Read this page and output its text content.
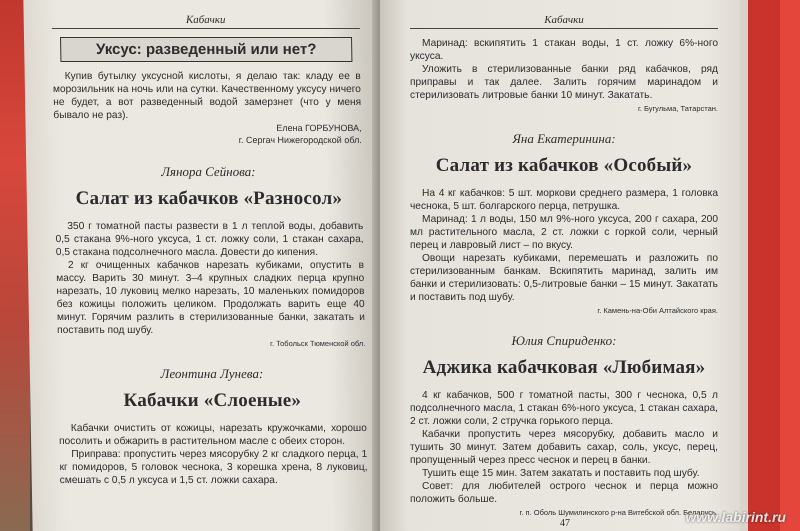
Кабачки
Уксус: разведенный или нет?

Купив бутылку уксусной кислоты, я делаю так: кладу ее в морозильник на ночь или на сутки. Качественному уксусу ничего не будет, а вот разведенный водой замерзнет (что у меня бывало не раз).

Елена ГОРБУНОВА,
г. Сергач Нижегородской обл.
Лянора Сейнова:
Салат из кабачков «Разносол»

350 г томатной пасты развести в 1 л теплой воды, добавить 0,5 стакана 9%-ного уксуса, 1 ст. ложку соли, 1 стакан сахара, 0,5 стакана подсолнечного масла. Довести до кипения.

2 кг очищенных кабачков нарезать кубиками, опустить в массу. Варить 30 минут. 3–4 крупных сладких перца крупно нарезать, 10 луковиц мелко нарезать, 10 маленьких помидоров без кожицы положить целиком. Продолжать варить еще 40 минут. Горячим разлить в стерилизованные банки, закатать и поставить под шубу.

г. Тобольск Тюменской обл.
Леонтина Лунева:
Кабачки «Слоеные»

Кабачки очистить от кожицы, нарезать кружочками, хорошо посолить и обжарить в растительном масле с обеих сторон.

Приправа: пропустить через мясорубку 2 кг сладкого перца, 1 кг помидоров, 5 головок чеснока, 3 корешка хрена, 8 луковиц, смешать с 0,5 л уксуса и 1,5 ст. ложки сахара.

Кабачки

Маринад: вскипятить 1 стакан воды, 1 ст. ложку 6%-ного уксуса.

Уложить в стерилизованные банки ряд кабачков, ряд приправы и так далее. Залить горячим маринадом и стерилизовать литровые банки 10 минут. Закатать.

г. Бугульма, Татарстан.
Яна Екатеринина:
Салат из кабачков «Особый»

На 4 кг кабачков: 5 шт. моркови среднего размера, 1 головка чеснока, 5 шт. болгарского перца, петрушка.

Маринад: 1 л воды, 150 мл 9%-ного уксуса, 200 г сахара, 200 мл растительного масла, 2 ст. ложки с горкой соли, черный перец и лавровый лист – по вкусу.

Овощи нарезать кубиками, перемешать и разложить по стерилизованным банкам. Вскипятить маринад, залить им банки и стерилизовать: 0,5-литровые банки – 15 минут. Закатать и поставить под шубу.

г. Камень-на-Оби Алтайского края.
Юлия Спириденко:
Аджика кабачковая «Любимая»

4 кг кабачков, 500 г томатной пасты, 300 г чеснока, 0,5 л подсолнечного масла, 1 стакан 6%-ного уксуса, 1 стакан сахара, 2 ст. ложки соли, 2 стручка горького перца.

Кабачки пропустить через мясорубку, добавить масло и тушить 30 минут. Затем добавить сахар, соль, уксус, перец, пропущенный через пресс чеснок и перец в банки.

Тушить еще 15 мин. Затем закатать и поставить под шубу.

Совет: для любителей острого чеснок и перца можно положить больше.

г. п. Оболь Шумилинского р-на Витебской обл. Беларусь.
47	www.labirint.ru
